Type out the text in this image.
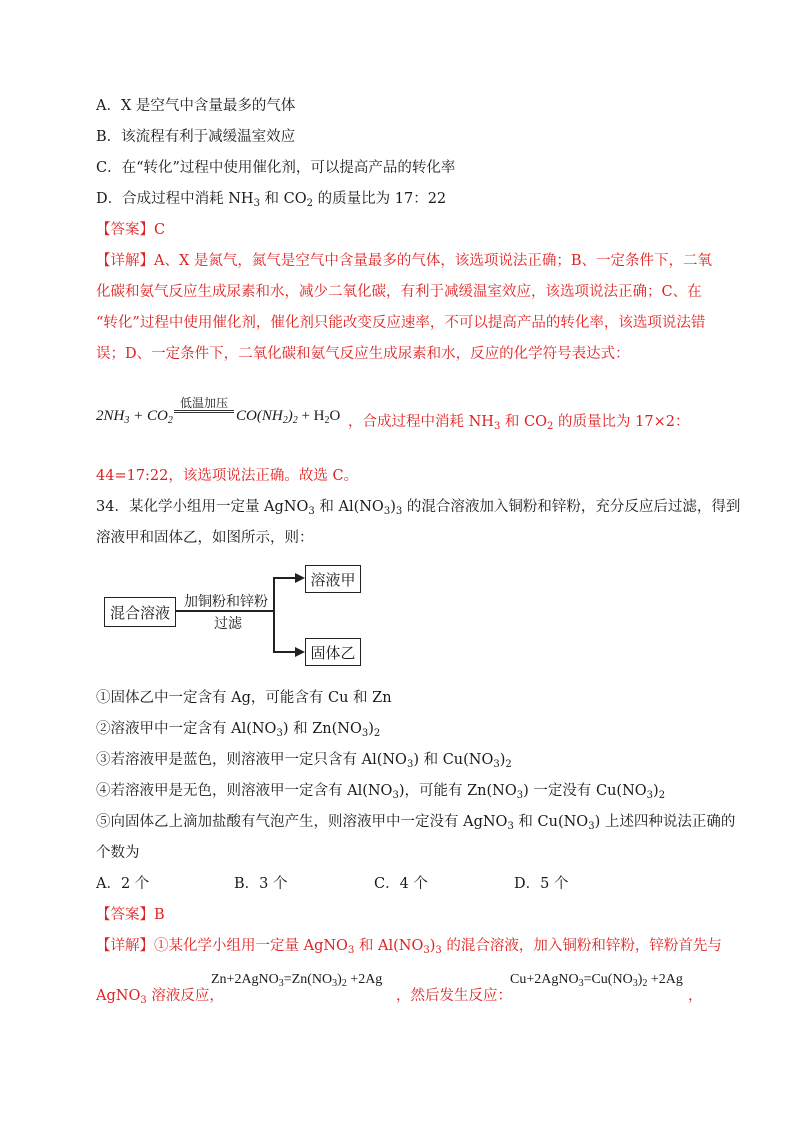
A．X 是空气中含量最多的气体
B．该流程有利于减缓温室效应
C．在“转化”过程中使用催化剂，可以提高产品的转化率
D．合成过程中消耗 $NH_3$ 和 $CO_2$ 的质量比为 17：22
【答案】C
【详解】A、X 是氮气，氮气是空气中含量最多的气体，该选项说法正确；B、一定条件下，二氧
化碳和氨气反应生成尿素和水，减少二氧化碳，有利于减缓温室效应，该选项说法正确；C、在
“转化”过程中使用催化剂，催化剂只能改变反应速率，不可以提高产品的转化率，该选项说法错
误；D、一定条件下，二氧化碳和氨气反应生成尿素和水，反应的化学符号表达式：
$2NH_3 + CO_2$
低温加压
$CO(NH_2)_2 + H_2O$ ，合成过程中消耗 $NH_3$ 和 $CO_2$ 的质量比为 17×2：
44=17:22，该选项说法正确。故选 C。
34．某化学小组用一定量 AgNO$_3$ 和 $Al(NO_3)_3$ 的混合溶液加入铜粉和锌粉，充分反应后过滤，得到
溶液甲和固体乙，如图所示，则：
混合溶液
加铜粉和锌粉
过滤
溶液甲
固体乙
①固体乙中一定含有 Ag，可能含有 Cu 和 Zn
②溶液甲中一定含有 $Al(NO_3)$ 和 $Zn(NO_3)_2$
③若溶液甲是蓝色，则溶液甲一定只含有 $Al(NO_3)$ 和 $Cu(NO_3)_2$
④若溶液甲是无色，则溶液甲一定含有 $Al(NO_3)$，可能有 $Zn(NO_3)$ 一定没有 $Cu(NO_3)_2$
⑤向固体乙上滴加盐酸有气泡产生，则溶液甲中一定没有 AgNO$_3$ 和 $Cu(NO_3)$ 上述四种说法正确的
个数为
A．2 个	B．3 个	C．4 个	D．5 个
【答案】B
【详解】①某化学小组用一定量 AgNO$_3$ 和 $Al(NO_3)_3$ 的混合溶液，加入铜粉和锌粉，锌粉首先与
AgNO$_3$ 溶液反应，
$Zn+2AgNO_3=Zn(NO_3)_2 +2Ag$
，然后发生反应：
$Cu+2AgNO_3=Cu(NO_3)_2 +2Ag$
，
